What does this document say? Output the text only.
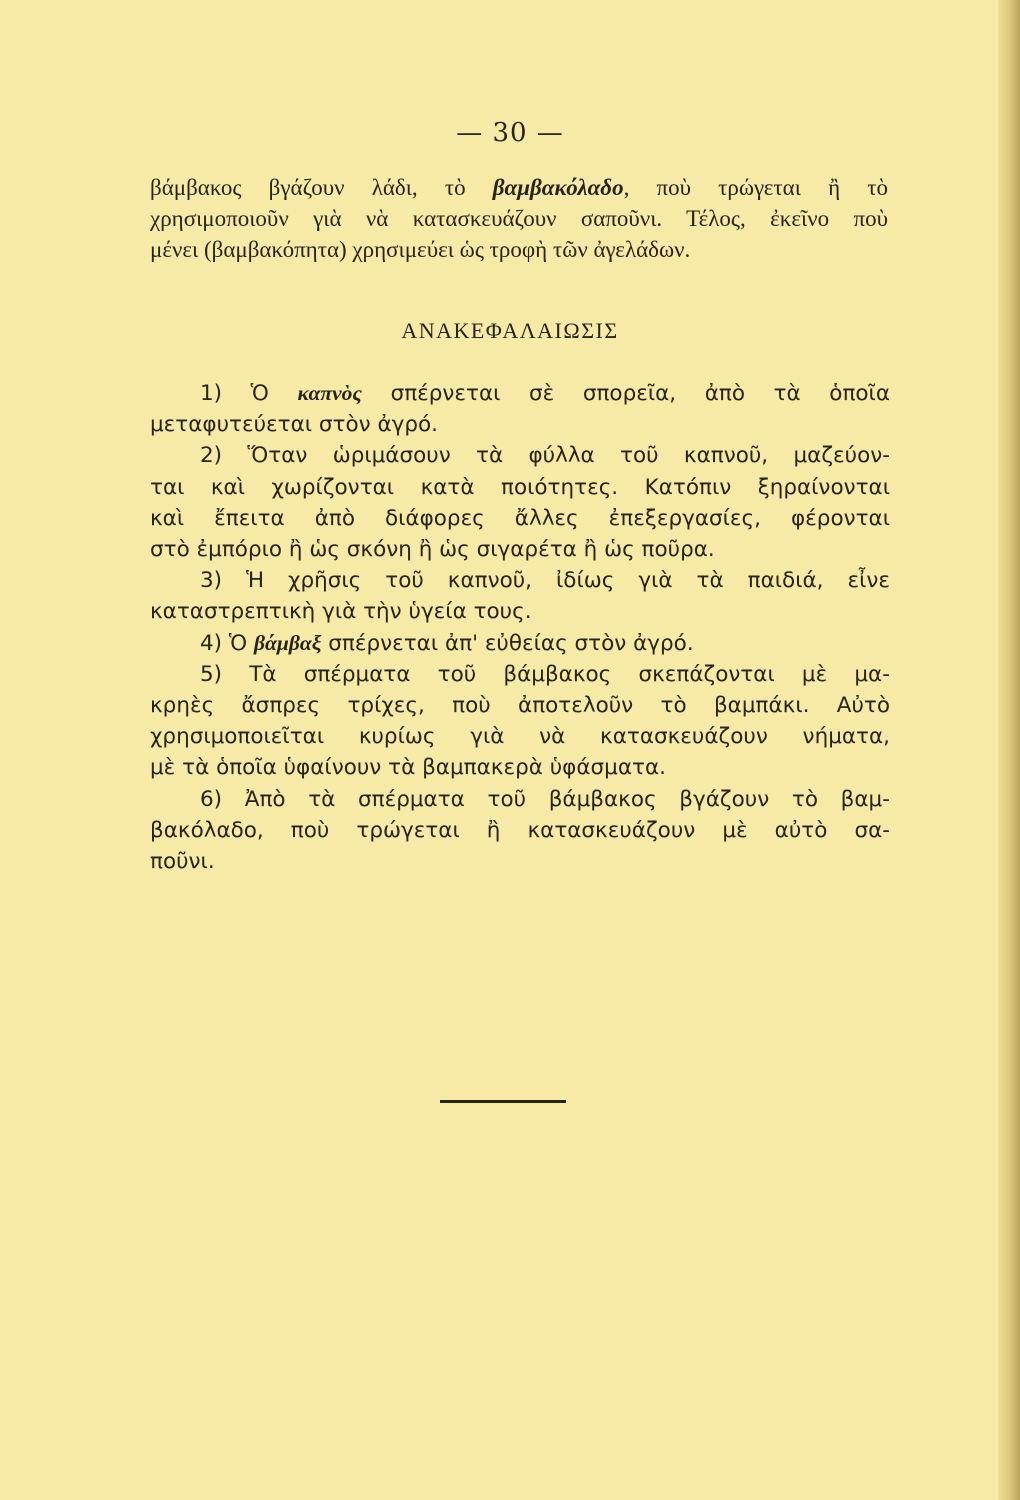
— 30 —
βάμβακος βγάζουν λάδι, τὸ βαμβακόλαδο, ποὺ τρώγεται ἢ τὸ
χρησιμοποιοῦν γιὰ νὰ κατασκευάζουν σαποῦνι. Τέλος, ἐκεῖνο ποὺ
μένει (βαμβακόπητα) χρησιμεύει ὡς τροφὴ τῶν ἀγελάδων.
ΑΝΑΚΕΦΑΛΑΙΩΣΙΣ
1) Ὁ καπνὸς σπέρνεται σὲ σπορεῖα, ἀπὸ τὰ ὁποῖα
μεταφυτεύεται στὸν ἀγρό.
2) Ὅταν ὡριμάσουν τὰ φύλλα τοῦ καπνοῦ, μαζεύον-
ται καὶ χωρίζονται κατὰ ποιότητες. Κατόπιν ξηραίνονται
καὶ ἔπειτα ἀπὸ διάφορες ἄλλες ἐπεξεργασίες, φέρονται
στὸ ἐμπόριο ἢ ὡς σκόνη ἢ ὡς σιγαρέτα ἢ ὡς ποῦρα.
3) Ἡ χρῆσις τοῦ καπνοῦ, ἰδίως γιὰ τὰ παιδιά, εἶνε
καταστρεπτικὴ γιὰ τὴν ὑγεία τους.
4) Ὁ βάμβαξ σπέρνεται ἀπ' εὐθείας στὸν ἀγρό.
5) Τὰ σπέρματα τοῦ βάμβακος σκεπάζονται μὲ μα-
κρηὲς ἄσπρες τρίχες, ποὺ ἀποτελοῦν τὸ βαμπάκι. Αὐτὸ
χρησιμοποιεῖται κυρίως γιὰ νὰ κατασκευάζουν νήματα,
μὲ τὰ ὁποῖα ὑφαίνουν τὰ βαμπακερὰ ὑφάσματα.
6) Ἀπὸ τὰ σπέρματα τοῦ βάμβακος βγάζουν τὸ βαμ-
βακόλαδο, ποὺ τρώγεται ἢ κατασκευάζουν μὲ αὐτὸ σα-
ποῦνι.
